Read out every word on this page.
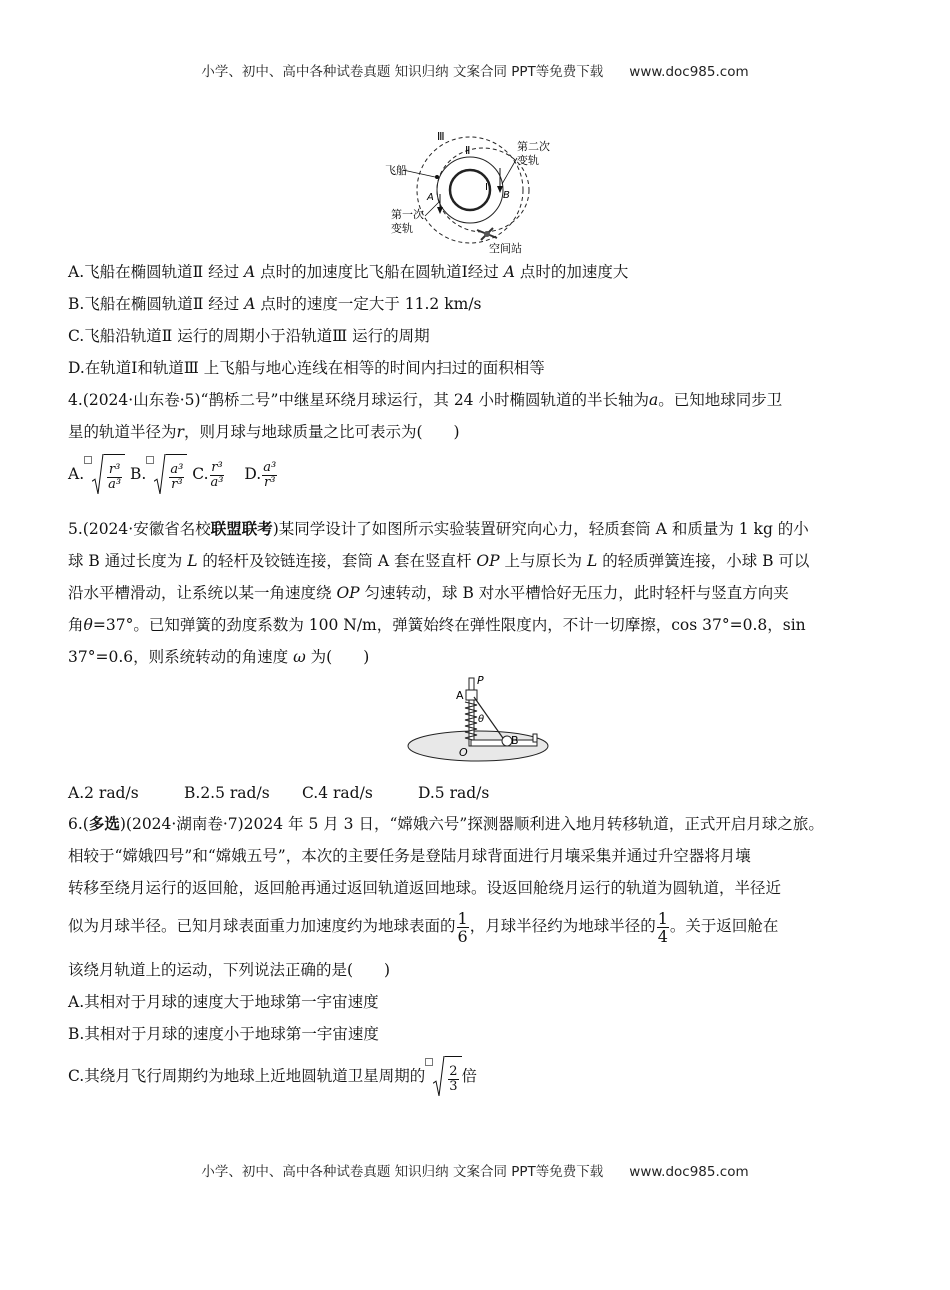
小学、初中、高中各种试卷真题 知识归纳 文案合同 PPT等免费下载 www.doc985.com
Ⅲ
Ⅱ
Ⅰ
飞船
A	B
第二次
变轨
第一次
变轨
空间站
A.飞船在椭圆轨道Ⅱ 经过 A 点时的加速度比飞船在圆轨道Ⅰ经过 A 点时的加速度大
B.飞船在椭圆轨道Ⅱ 经过 A 点时的速度一定大于 11.2 km/s
C.飞船沿轨道Ⅱ 运行的周期小于沿轨道Ⅲ 运行的周期
D.在轨道Ⅰ和轨道Ⅲ 上飞船与地心连线在相等的时间内扫过的面积相等
4.(2024·山东卷·5)“鹊桥二号”中继星环绕月球运行，其 24 小时椭圆轨道的半长轴为a。已知地球同步卫
星的轨道半径为r，则月球与地球质量之比可表示为(　　)
A. $\frac{\text{r³}}{\text{a³}} B$. $\frac{\text{a³}}{\text{r³}} C$. $\frac{\text{r³}}{\text{a³}} D$. $\frac{\text{a³}}{\text{r³}}$
5.(2024·安徽省名校联盟联考)某同学设计了如图所示实验装置研究向心力，轻质套筒 A 和质量为 1 kg 的小
球 B 通过长度为 L 的轻杆及铰链连接，套筒 A 套在竖直杆 OP 上与原长为 L 的轻质弹簧连接，小球 B 可以
沿水平槽滑动，让系统以某一角速度绕 OP 匀速转动，球 B 对水平槽恰好无压力，此时轻杆与竖直方向夹
角θ=37°。已知弹簧的劲度系数为 100 N/m，弹簧始终在弹性限度内，不计一切摩擦，cos 37°=0.8，sin
37°=0.6，则系统转动的角速度 ω 为(　　)
P
A
θ
O
B
A.2 rad/s	B.2.5 rad/s C.4 rad/s	D.5 rad/s
6.(多选)(2024·湖南卷·7)2024 年 5 月 3 日，“嫦娥六号”探测器顺利进入地月转移轨道，正式开启月球之旅。
相较于“嫦娥四号”和“嫦娥五号”，本次的主要任务是登陆月球背面进行月壤采集并通过升空器将月壤
转移至绕月运行的返回舱，返回舱再通过返回轨道返回地球。设返回舱绕月运行的轨道为圆轨道，半径近
似为月球半径。已知月球表面重力加速度约为地球表面的 $\frac{1}{6}$ ，月球半径约为地球半径的 $\frac{1}{4}$ 。关于返回舱在
该绕月轨道上的运动，下列说法正确的是(　　)
A.其相对于月球的速度大于地球第一宇宙速度
B.其相对于月球的速度小于地球第一宇宙速度
C.其绕月飞行周期约为地球上近地圆轨道卫星周期的 $\frac{2}{3}$ 倍
小学、初中、高中各种试卷真题 知识归纳 文案合同 PPT等免费下载 www.doc985.com
